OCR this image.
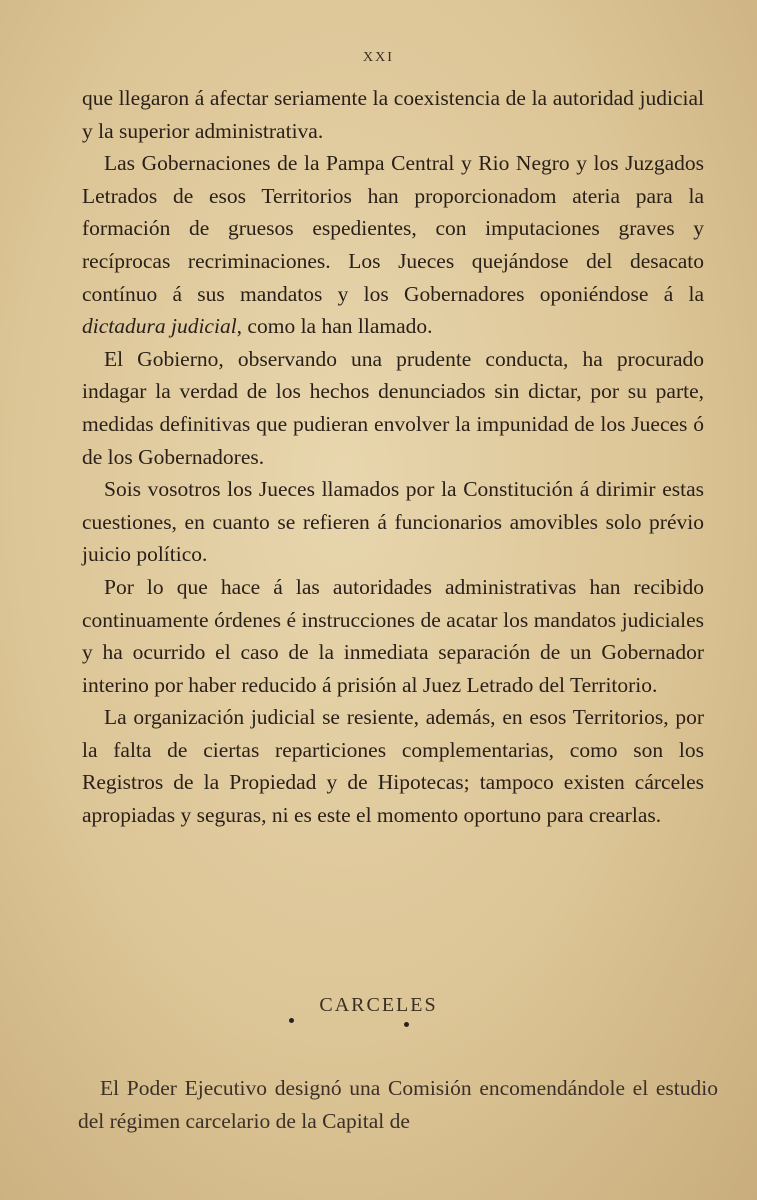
XXI

que llegaron á afectar seriamente la coexistencia de la autoridad judicial y la superior administrativa.

Las Gobernaciones de la Pampa Central y Rio Negro y los Juzgados Letrados de esos Territorios han proporcionadom ateria para la formación de gruesos espedientes, con imputaciones graves y recíprocas recriminaciones. Los Jueces quejándose del desacato contínuo á sus mandatos y los Gobernadores oponiéndose á la dictadura judicial, como la han llamado.

El Gobierno, observando una prudente conducta, ha procurado indagar la verdad de los hechos denunciados sin dictar, por su parte, medidas definitivas que pudieran envolver la impunidad de los Jueces ó de los Gobernadores.

Sois vosotros los Jueces llamados por la Constitución á dirimir estas cuestiones, en cuanto se refieren á funcionarios amovibles solo prévio juicio político.

Por lo que hace á las autoridades administrativas han recibido continuamente órdenes é instrucciones de acatar los mandatos judiciales y ha ocurrido el caso de la inmediata separación de un Gobernador interino por haber reducido á prisión al Juez Letrado del Territorio.

La organización judicial se resiente, además, en esos Territorios, por la falta de ciertas reparticiones complementarias, como son los Registros de la Propiedad y de Hipotecas; tampoco existen cárceles apropiadas y seguras, ni es este el momento oportuno para crearlas.

CARCELES

El Poder Ejecutivo designó una Comisión encomendándole el estudio del régimen carcelario de la Capital de
